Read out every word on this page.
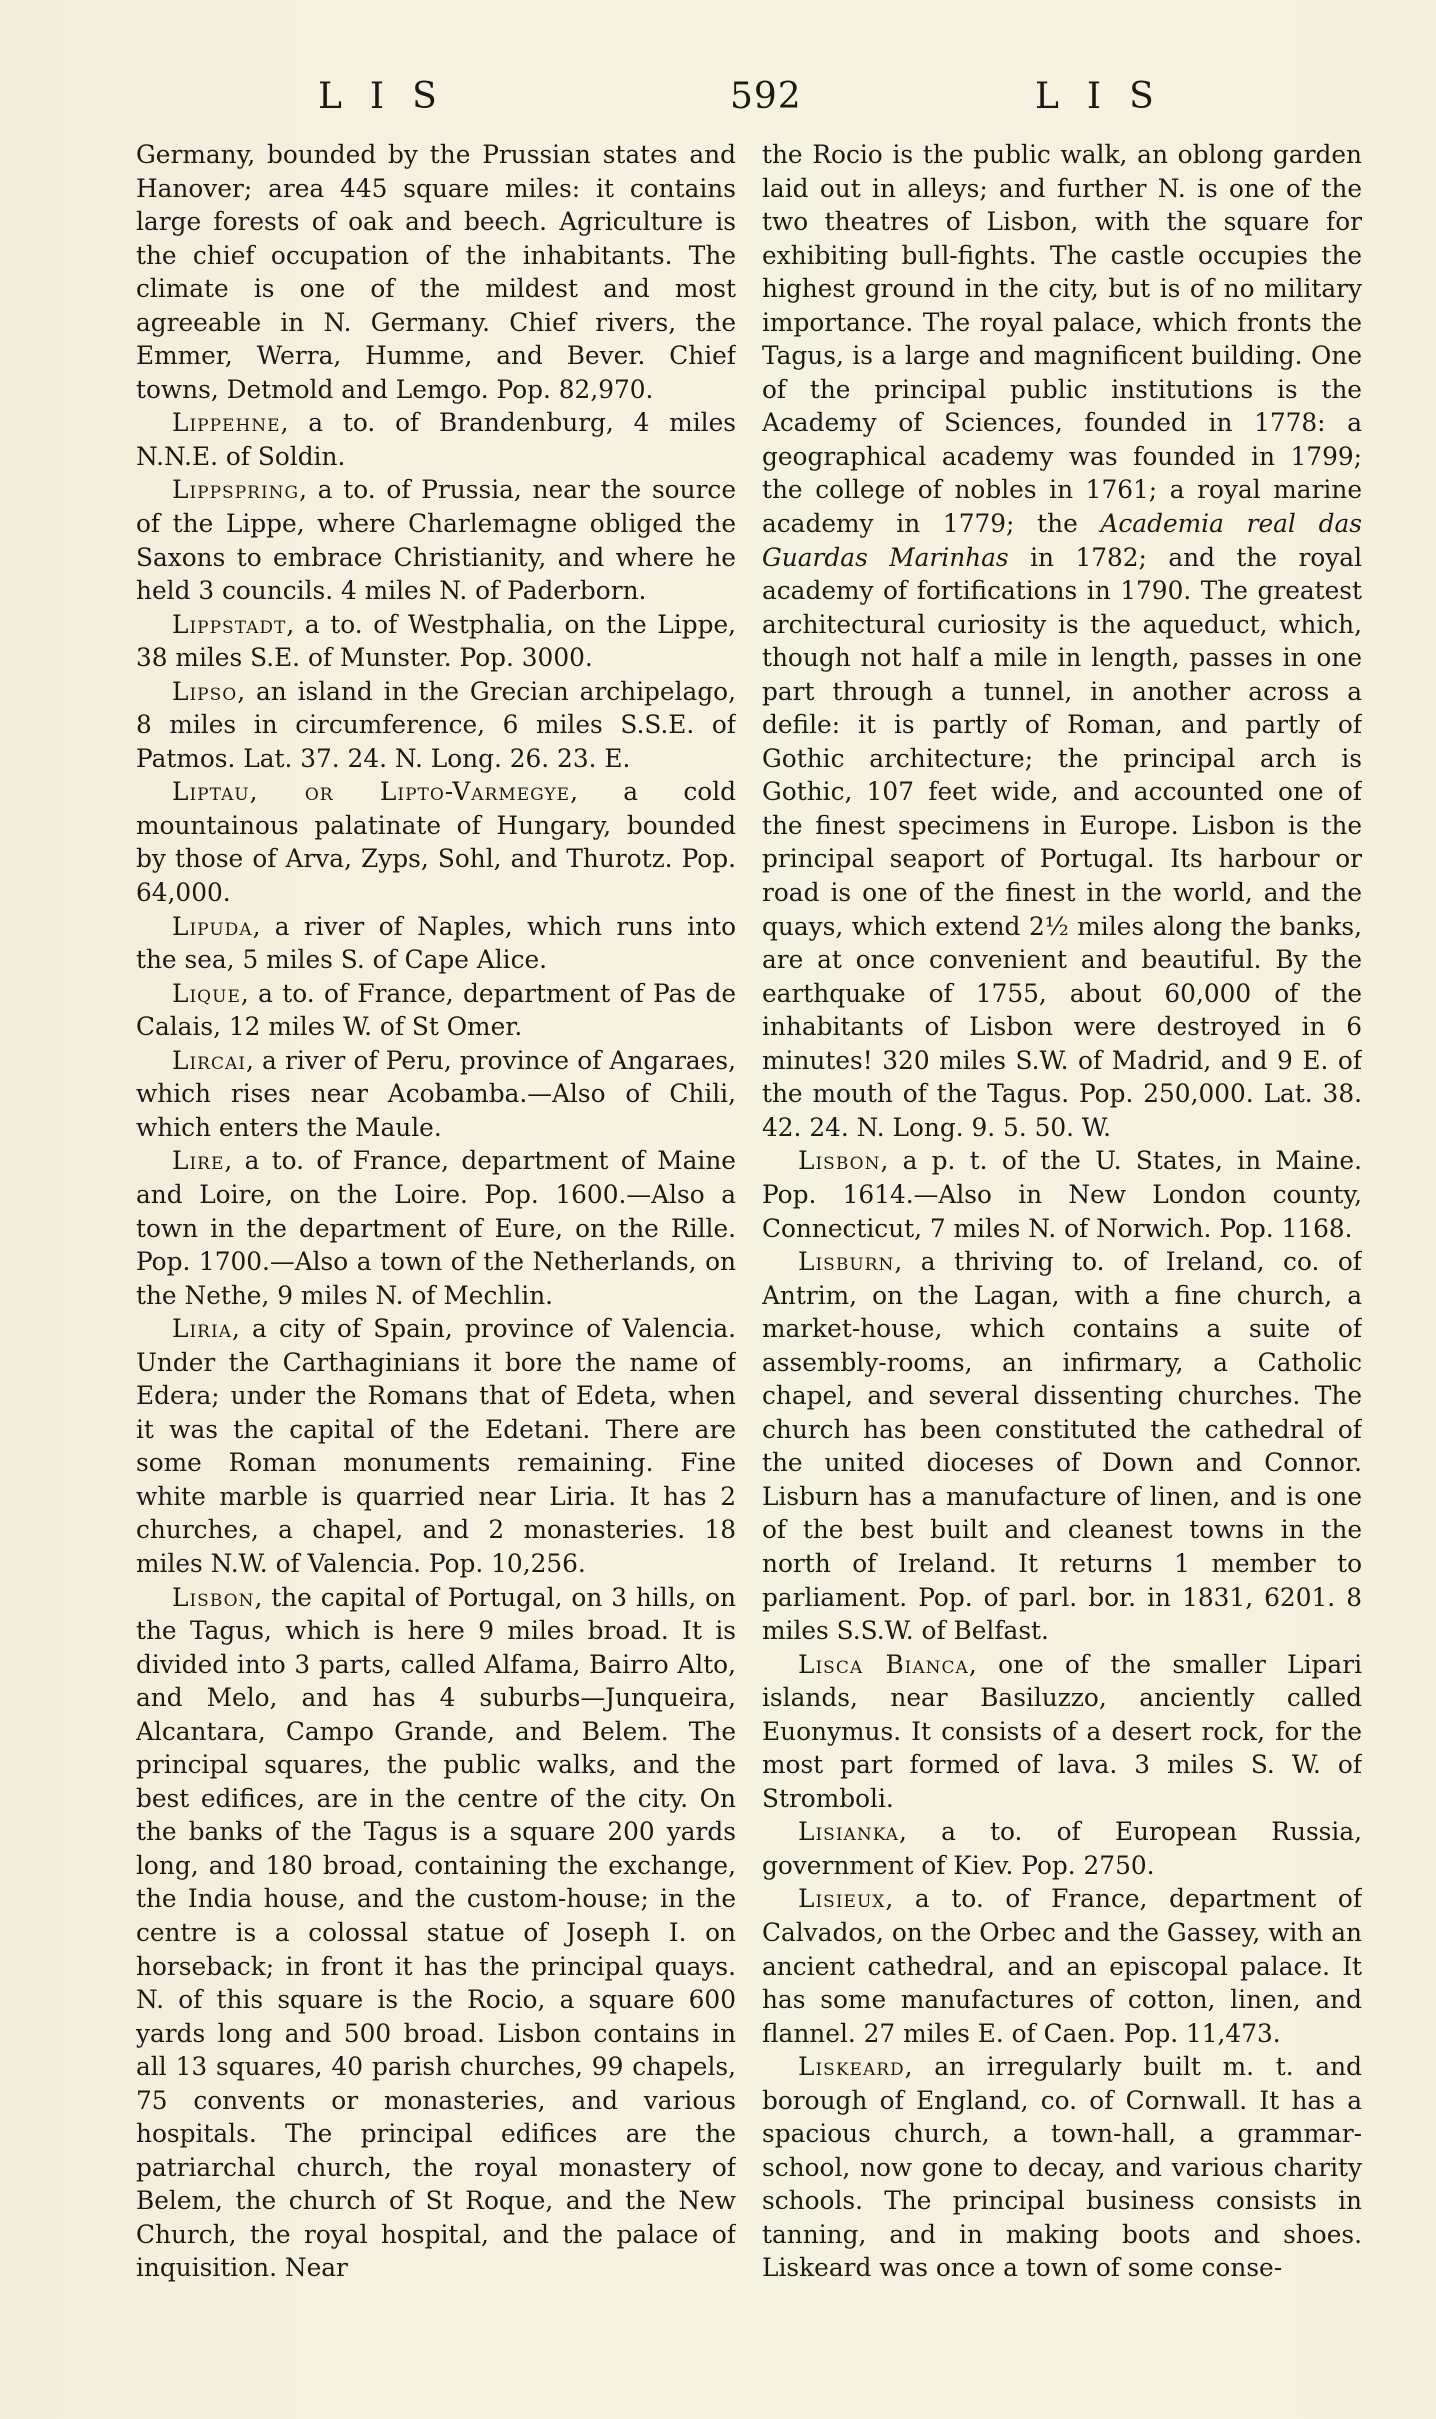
LIS	592	LIS

Germany, bounded by the Prussian states and Hanover; area 445 square miles: it contains large forests of oak and beech. Agriculture is the chief occupation of the inhabitants. The climate is one of the mildest and most agreeable in N. Germany. Chief rivers, the Emmer, Werra, Humme, and Bever. Chief towns, Detmold and Lemgo. Pop. 82,970.

Lippehne, a to. of Brandenburg, 4 miles N.N.E. of Soldin.

Lippspring, a to. of Prussia, near the source of the Lippe, where Charlemagne obliged the Saxons to embrace Christianity, and where he held 3 councils. 4 miles N. of Paderborn.

Lippstadt, a to. of Westphalia, on the Lippe, 38 miles S.E. of Munster. Pop. 3000.

Lipso, an island in the Grecian archipelago, 8 miles in circumference, 6 miles S.S.E. of Patmos. Lat. 37. 24. N. Long. 26. 23. E.

Liptau, or Lipto-Varmegye, a cold mountainous palatinate of Hungary, bounded by those of Arva, Zyps, Sohl, and Thurotz. Pop. 64,000.

Lipuda, a river of Naples, which runs into the sea, 5 miles S. of Cape Alice.

Lique, a to. of France, department of Pas de Calais, 12 miles W. of St Omer.

Lircai, a river of Peru, province of Angaraes, which rises near Acobamba.—Also of Chili, which enters the Maule.

Lire, a to. of France, department of Maine and Loire, on the Loire. Pop. 1600.—Also a town in the department of Eure, on the Rille. Pop. 1700.—Also a town of the Netherlands, on the Nethe, 9 miles N. of Mechlin.

Liria, a city of Spain, province of Valencia. Under the Carthaginians it bore the name of Edera; under the Romans that of Edeta, when it was the capital of the Edetani. There are some Roman monuments remaining. Fine white marble is quarried near Liria. It has 2 churches, a chapel, and 2 monasteries. 18 miles N.W. of Valencia. Pop. 10,256.

Lisbon, the capital of Portugal, on 3 hills, on the Tagus, which is here 9 miles broad. It is divided into 3 parts, called Alfama, Bairro Alto, and Melo, and has 4 suburbs—Junqueira, Alcantara, Campo Grande, and Belem. The principal squares, the public walks, and the best edifices, are in the centre of the city. On the banks of the Tagus is a square 200 yards long, and 180 broad, containing the exchange, the India house, and the custom-house; in the centre is a colossal statue of Joseph I. on horseback; in front it has the principal quays. N. of this square is the Rocio, a square 600 yards long and 500 broad. Lisbon contains in all 13 squares, 40 parish churches, 99 chapels, 75 convents or monasteries, and various hospitals. The principal edifices are the patriarchal church, the royal monastery of Belem, the church of St Roque, and the New Church, the royal hospital, and the palace of inquisition. Near

the Rocio is the public walk, an oblong garden laid out in alleys; and further N. is one of the two theatres of Lisbon, with the square for exhibiting bull-fights. The castle occupies the highest ground in the city, but is of no military importance. The royal palace, which fronts the Tagus, is a large and magnificent building. One of the principal public institutions is the Academy of Sciences, founded in 1778: a geographical academy was founded in 1799; the college of nobles in 1761; a royal marine academy in 1779; the Academia real das Guardas Marinhas in 1782; and the royal academy of fortifications in 1790. The greatest architectural curiosity is the aqueduct, which, though not half a mile in length, passes in one part through a tunnel, in another across a defile: it is partly of Roman, and partly of Gothic architecture; the principal arch is Gothic, 107 feet wide, and accounted one of the finest specimens in Europe. Lisbon is the principal seaport of Portugal. Its harbour or road is one of the finest in the world, and the quays, which extend 2½ miles along the banks, are at once convenient and beautiful. By the earthquake of 1755, about 60,000 of the inhabitants of Lisbon were destroyed in 6 minutes! 320 miles S.W. of Madrid, and 9 E. of the mouth of the Tagus. Pop. 250,000. Lat. 38. 42. 24. N. Long. 9. 5. 50. W.

Lisbon, a p. t. of the U. States, in Maine. Pop. 1614.—Also in New London county, Connecticut, 7 miles N. of Norwich. Pop. 1168.

Lisburn, a thriving to. of Ireland, co. of Antrim, on the Lagan, with a fine church, a market-house, which contains a suite of assembly-rooms, an infirmary, a Catholic chapel, and several dissenting churches. The church has been constituted the cathedral of the united dioceses of Down and Connor. Lisburn has a manufacture of linen, and is one of the best built and cleanest towns in the north of Ireland. It returns 1 member to parliament. Pop. of parl. bor. in 1831, 6201. 8 miles S.S.W. of Belfast.

Lisca Bianca, one of the smaller Lipari islands, near Basiluzzo, anciently called Euonymus. It consists of a desert rock, for the most part formed of lava. 3 miles S. W. of Stromboli.

Lisianka, a to. of European Russia, government of Kiev. Pop. 2750.

Lisieux, a to. of France, department of Calvados, on the Orbec and the Gassey, with an ancient cathedral, and an episcopal palace. It has some manufactures of cotton, linen, and flannel. 27 miles E. of Caen. Pop. 11,473.

Liskeard, an irregularly built m. t. and borough of England, co. of Cornwall. It has a spacious church, a town-hall, a grammar-school, now gone to decay, and various charity schools. The principal business consists in tanning, and in making boots and shoes. Liskeard was once a town of some conse-
